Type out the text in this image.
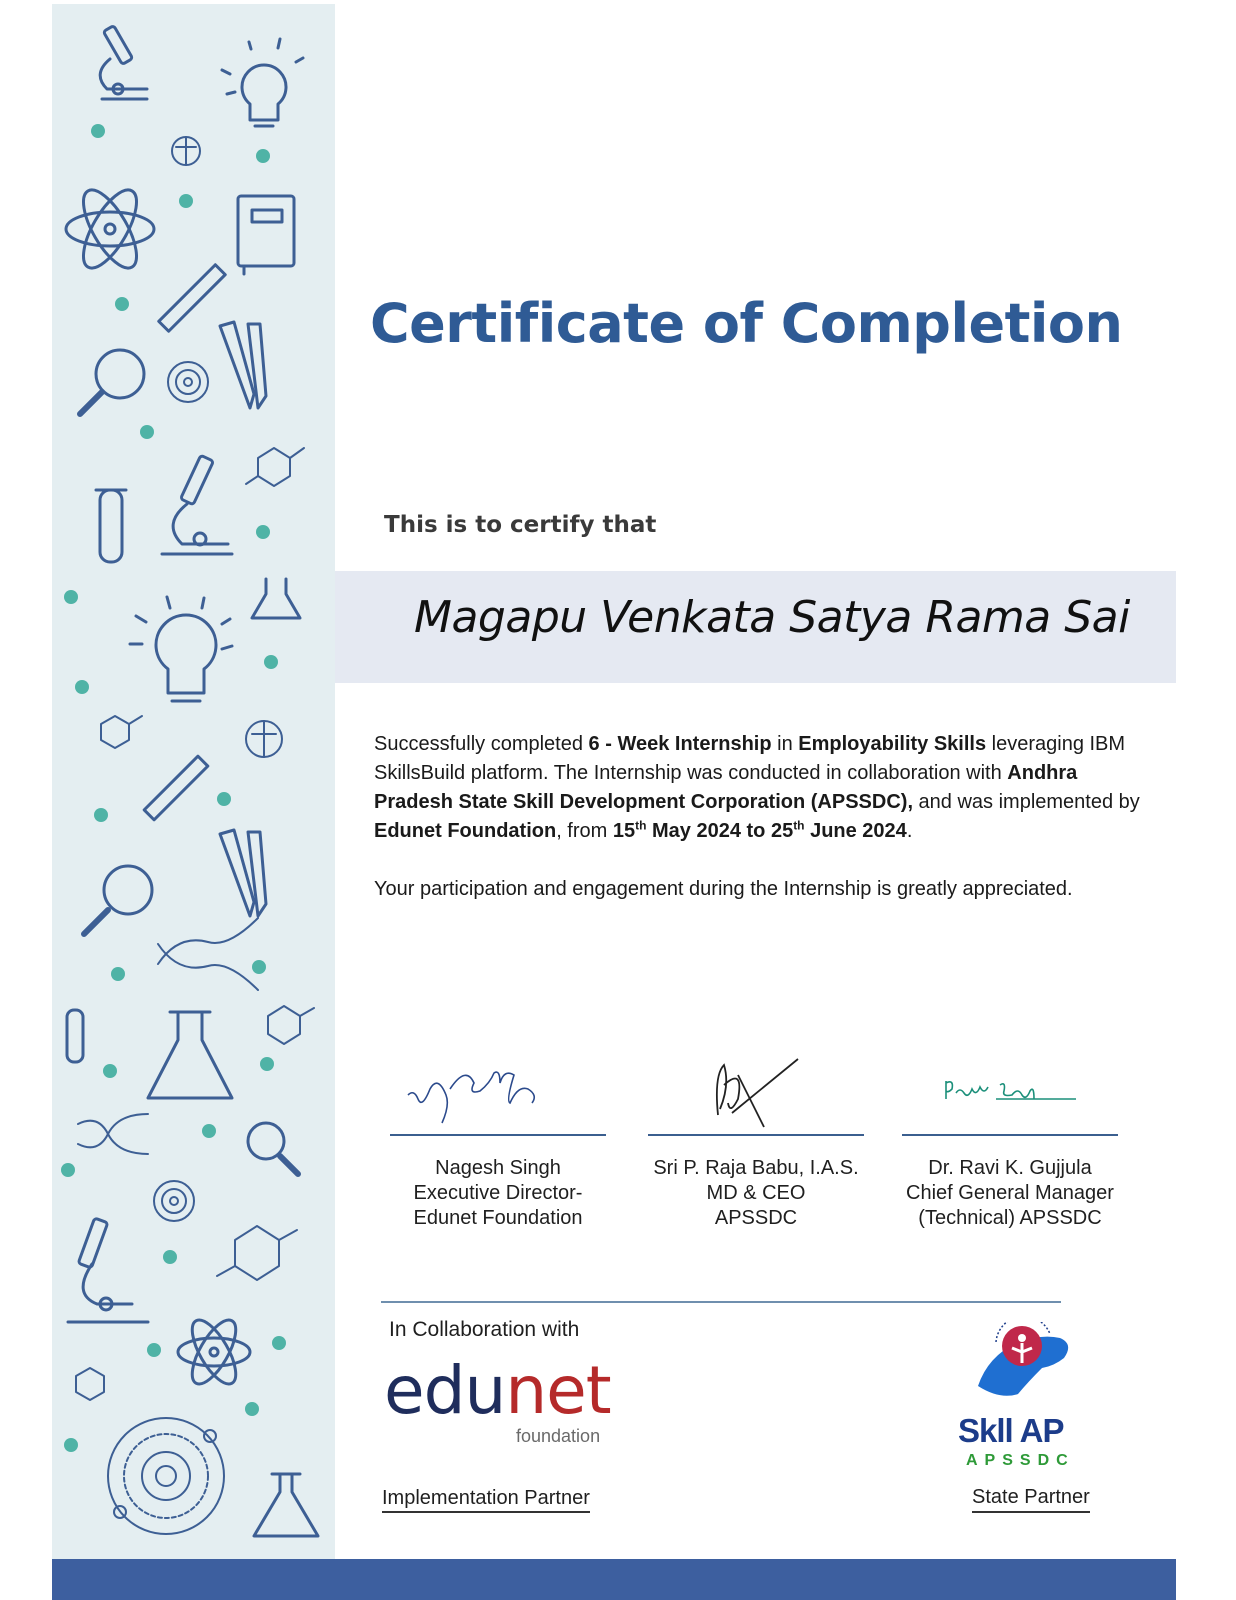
Certificate of Completion
This is to certify that
Magapu Venkata Satya Rama Sai

Successfully completed 6 - Week Internship in Employability Skills leveraging IBM SkillsBuild platform. The Internship was conducted in collaboration with Andhra Pradesh State Skill Development Corporation (APSSDC), and was implemented by Edunet Foundation, from 15th May 2024 to 25th June 2024.

Your participation and engagement during the Internship is greatly appreciated.

Nagesh Singh
Executive Director-
Edunet Foundation
Sri P. Raja Babu, I.A.S.
MD & CEO
APSSDC
Dr. Ravi K. Gujjula
Chief General Manager
(Technical) APSSDC
In Collaboration with
edunet
foundation
Implementation Partner
Skll AP
APSSDC
State Partner
